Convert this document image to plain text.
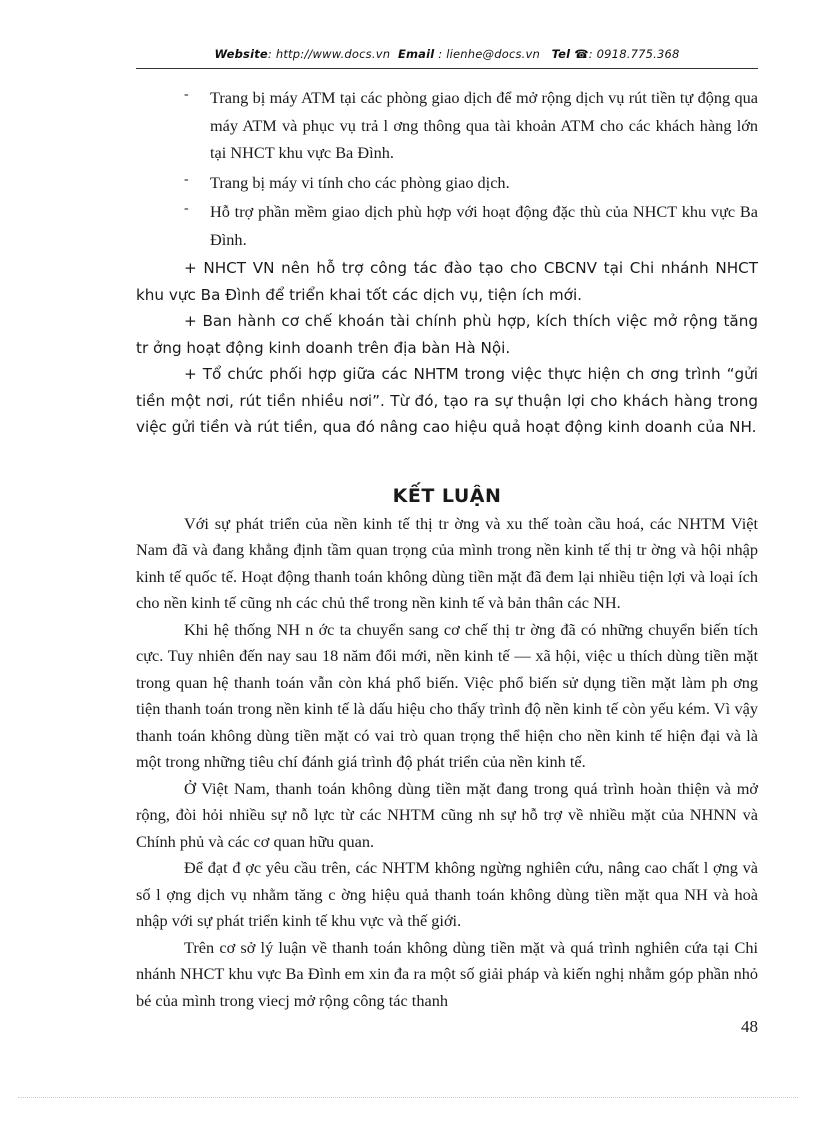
Website: http://www.docs.vn Email : lienhe@docs.vn Tel ☎: 0918.775.368
- Trang bị máy ATM tại các phòng giao dịch để mở rộng dịch vụ rút tiền tự động qua máy ATM và phục vụ trả l ơng thông qua tài khoản ATM cho các khách hàng lớn tại NHCT khu vực Ba Đình.
- Trang bị máy vi tính cho các phòng giao dịch.
- Hỗ trợ phần mềm giao dịch phù hợp với hoạt động đặc thù của NHCT khu vực Ba Đình.

+ NHCT VN nên hỗ trợ công tác đào tạo cho CBCNV tại Chi nhánh NHCT khu vực Ba Đình để triển khai tốt các dịch vụ, tiện ích mới.

+ Ban hành cơ chế khoán tài chính phù hợp, kích thích việc mở rộng tăng tr ởng hoạt động kinh doanh trên địa bàn Hà Nội.

+ Tổ chức phối hợp giữa các NHTM trong việc thực hiện ch ơng trình “gửi tiền một nơi, rút tiền nhiều nơi”. Từ đó, tạo ra sự thuận lợi cho khách hàng trong việc gửi tiền và rút tiền, qua đó nâng cao hiệu quả hoạt động kinh doanh của NH.

KẾT LUẬN

Với sự phát triển của nền kinh tế thị tr ờng và xu thế toàn cầu hoá, các NHTM Việt Nam đã và đang khẳng định tầm quan trọng của mình trong nền kinh tế thị tr ờng và hội nhập kinh tế quốc tế. Hoạt động thanh toán không dùng tiền mặt đã đem lại nhiều tiện lợi và loại ích cho nền kinh tế cũng nh các chủ thể trong nền kinh tế và bản thân các NH.

Khi hệ thống NH n ớc ta chuyển sang cơ chế thị tr ờng đã có những chuyển biến tích cực. Tuy nhiên đến nay sau 18 năm đổi mới, nền kinh tế — xã hội, việc u thích dùng tiền mặt trong quan hệ thanh toán vẫn còn khá phổ biến. Việc phổ biến sử dụng tiền mặt làm ph ơng tiện thanh toán trong nền kinh tế là dấu hiệu cho thấy trình độ nền kinh tế còn yếu kém. Vì vậy thanh toán không dùng tiền mặt có vai trò quan trọng thể hiện cho nền kinh tế hiện đại và là một trong những tiêu chí đánh giá trình độ phát triển của nền kinh tế.

Ở Việt Nam, thanh toán không dùng tiền mặt đang trong quá trình hoàn thiện và mở rộng, đòi hỏi nhiều sự nỗ lực từ các NHTM cũng nh sự hỗ trợ về nhiều mặt của NHNN và Chính phủ và các cơ quan hữu quan.

Để đạt đ ợc yêu cầu trên, các NHTM không ngừng nghiên cứu, nâng cao chất l ợng và số l ợng dịch vụ nhằm tăng c ờng hiệu quả thanh toán không dùng tiền mặt qua NH và hoà nhập với sự phát triển kinh tế khu vực và thế giới.

Trên cơ sở lý luận về thanh toán không dùng tiền mặt và quá trình nghiên cứa tại Chi nhánh NHCT khu vực Ba Đình em xin đa ra một số giải pháp và kiến nghị nhằm góp phần nhỏ bé của mình trong viecj mở rộng công tác thanh

48
